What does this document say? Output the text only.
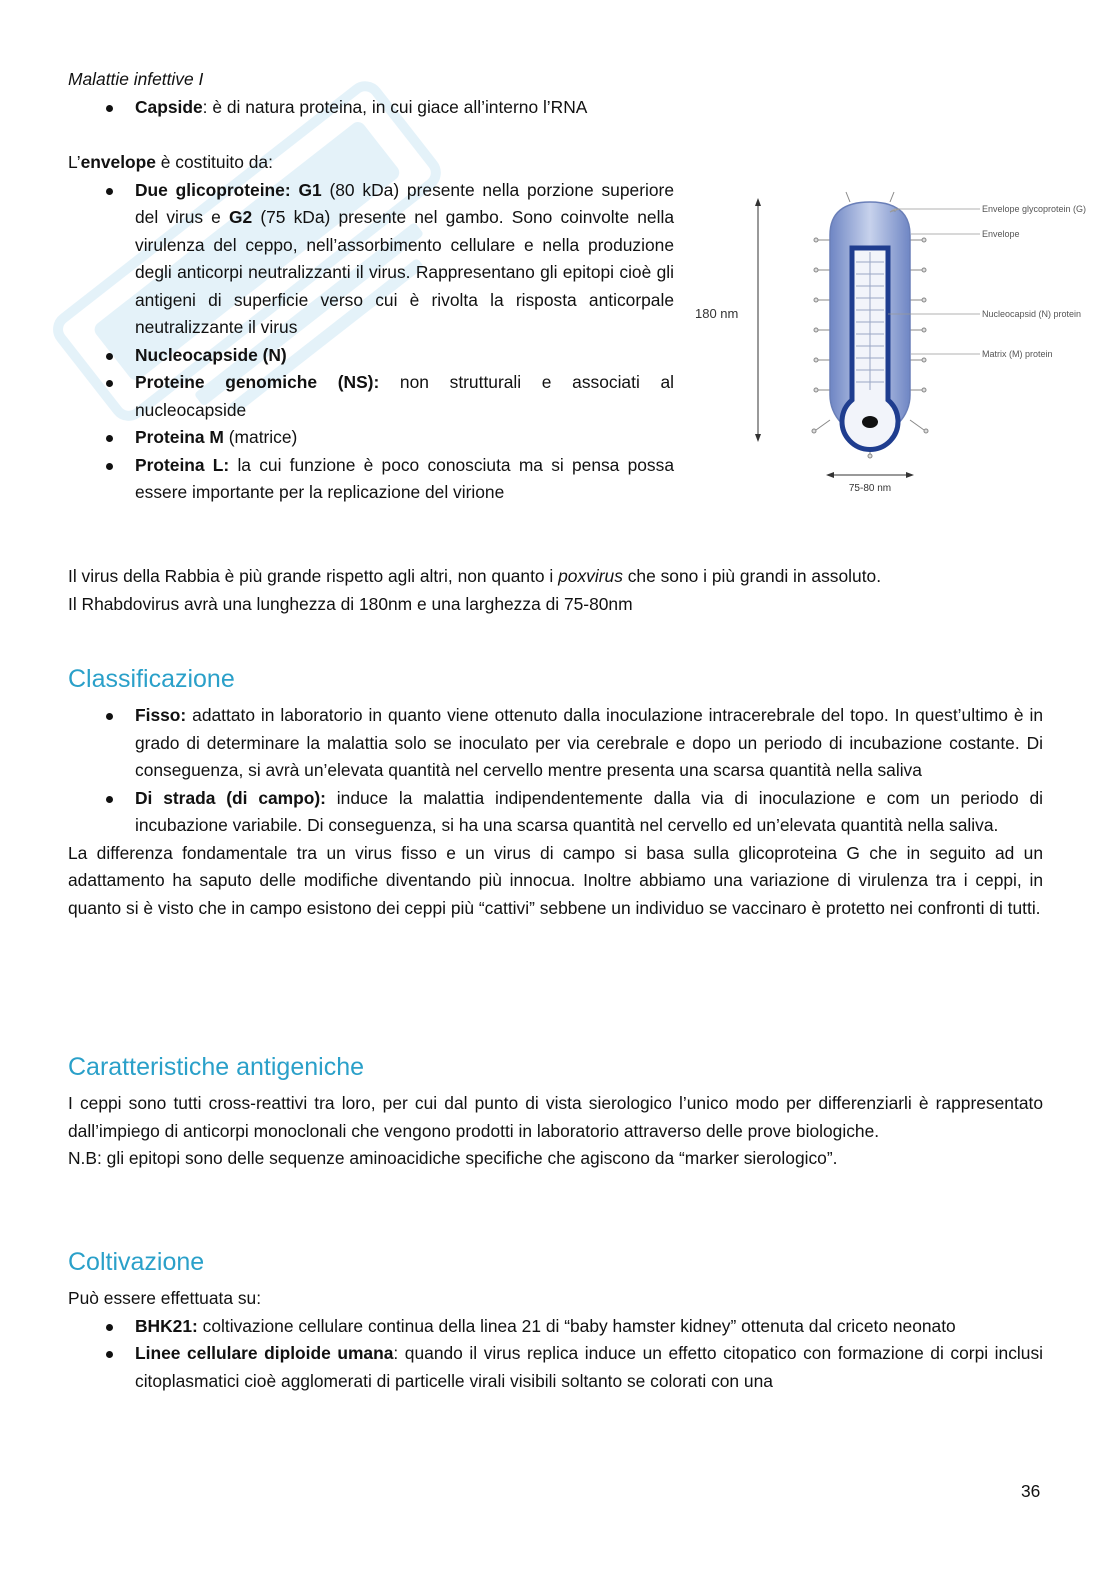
Malattie infettive I
Capside: è di natura proteina, in cui giace all’interno l’RNA

L’envelope è costituito da:

Due glicoproteine: G1 (80 kDa) presente nella porzione superiore del virus e G2 (75 kDa) presente nel gambo. Sono coinvolte nella virulenza del ceppo, nell’assorbimento cellulare e nella produzione degli anticorpi neutralizzanti il virus. Rappresentano gli epitopi cioè gli antigeni di superficie verso cui è rivolta la risposta anticorpale neutralizzante il virus
Nucleocapside (N)
Proteine genomiche (NS): non strutturali e associati al nucleocapside
Proteina M (matrice)
Proteina L: la cui funzione è poco conosciuta ma si pensa possa essere importante per la replicazione del virione
180 nm
75-80 nm
Envelope glycoprotein (G)
Envelope
Nucleocapsid (N) protein
Matrix (M) protein

Il virus della Rabbia è più grande rispetto agli altri, non quanto i poxvirus che sono i più grandi in assoluto.

Il Rhabdovirus avrà una lunghezza di 180nm e una larghezza di 75-80nm

Classificazione
Fisso: adattato in laboratorio in quanto viene ottenuto dalla inoculazione intracerebrale del topo. In quest’ultimo è in grado di determinare la malattia solo se inoculato per via cerebrale e dopo un periodo di incubazione costante. Di conseguenza, si avrà un’elevata quantità nel cervello mentre presenta una scarsa quantità nella saliva
Di strada (di campo): induce la malattia indipendentemente dalla via di inoculazione e com un periodo di incubazione variabile. Di conseguenza, si ha una scarsa quantità nel cervello ed un’elevata quantità nella saliva.

La differenza fondamentale tra un virus fisso e un virus di campo si basa sulla glicoproteina G che in seguito ad un adattamento ha saputo delle modifiche diventando più innocua. Inoltre abbiamo una variazione di virulenza tra i ceppi, in quanto si è visto che in campo esistono dei ceppi più “cattivi” sebbene un individuo se vaccinaro è protetto nei confronti di tutti.

Caratteristiche antigeniche

I ceppi sono tutti cross-reattivi tra loro, per cui dal punto di vista sierologico l’unico modo per differenziarli è rappresentato dall’impiego di anticorpi monoclonali che vengono prodotti in laboratorio attraverso delle prove biologiche.

N.B: gli epitopi sono delle sequenze aminoacidiche specifiche che agiscono da “marker sierologico”.

Coltivazione

Può essere effettuata su:

BHK21: coltivazione cellulare continua della linea 21 di “baby hamster kidney” ottenuta dal criceto neonato
Linee cellulare diploide umana: quando il virus replica induce un effetto citopatico con formazione di corpi inclusi citoplasmatici cioè agglomerati di particelle virali visibili soltanto se colorati con una
36
